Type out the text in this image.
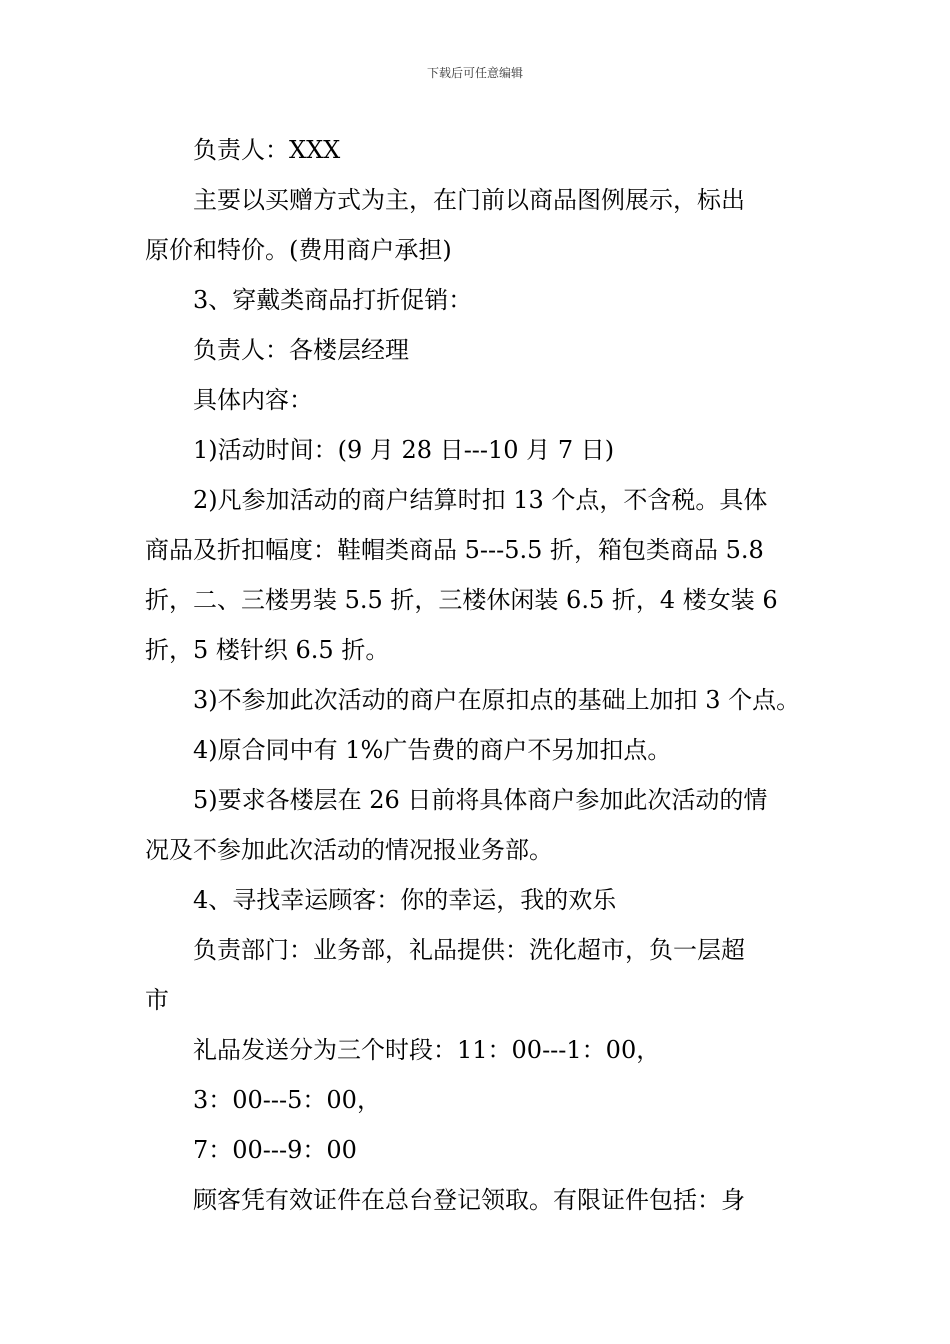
下载后可任意编辑

负责人：XXX

主要以买赠方式为主，在门前以商品图例展示，标出
原价和特价。(费用商户承担)

3、穿戴类商品打折促销：

负责人：各楼层经理

具体内容：

1)活动时间：(9 月 28 日---10 月 7 日)

2)凡参加活动的商户结算时扣 13 个点，不含税。具体
商品及折扣幅度：鞋帽类商品 5---5.5 折，箱包类商品 5.8
折，二、三楼男装 5.5 折，三楼休闲装 6.5 折，4 楼女装 6
折，5 楼针织 6.5 折。

3)不参加此次活动的商户在原扣点的基础上加扣 3 个点。

4)原合同中有 1%广告费的商户不另加扣点。

5)要求各楼层在 26 日前将具体商户参加此次活动的情
况及不参加此次活动的情况报业务部。

4、寻找幸运顾客：你的幸运，我的欢乐

负责部门：业务部，礼品提供：洗化超市，负一层超
市

礼品发送分为三个时段：11：00---1：00，

3：00---5：00，

7：00---9：00

顾客凭有效证件在总台登记领取。有限证件包括：身
